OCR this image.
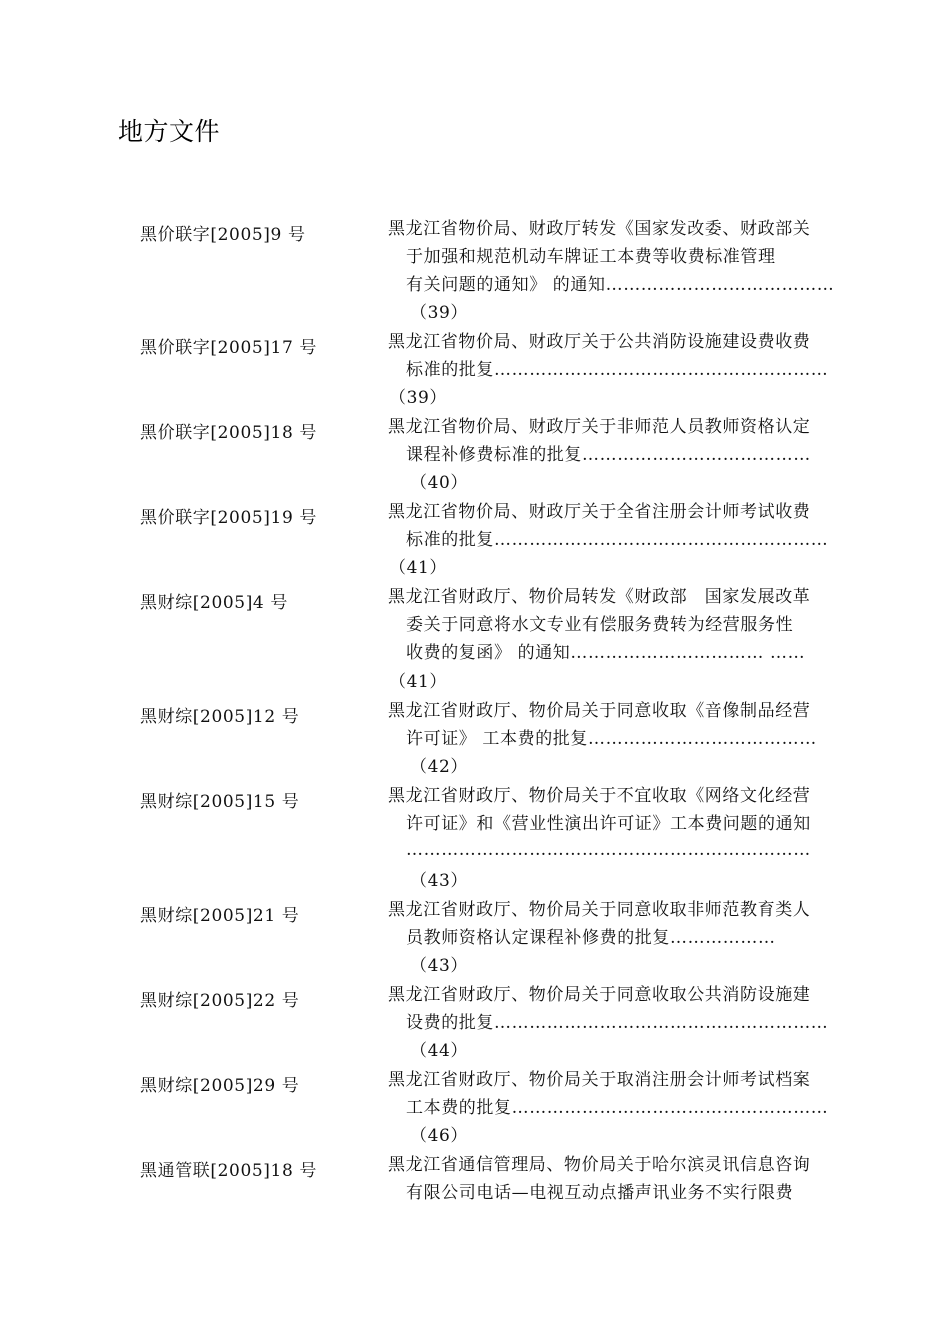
地方文件
黑价联字[2005]9 号	黑龙江省物价局、财政厅转发《国家发改委、财政部关
于加强和规范机动车牌证工本费等收费标准管理
有关问题的通知》 的通知…………………………………
（39）
黑价联字[2005]17 号	黑龙江省物价局、财政厅关于公共消防设施建设费收费
标准的批复…………………………………………………
（39）
黑价联字[2005]18 号	黑龙江省物价局、财政厅关于非师范人员教师资格认定
课程补修费标准的批复…………………………………
（40）
黑价联字[2005]19 号	黑龙江省物价局、财政厅关于全省注册会计师考试收费
标准的批复…………………………………………………
（41）
黑财综[2005]4 号	黑龙江省财政厅、物价局转发《财政部　国家发展改革
委关于同意将水文专业有偿服务费转为经营服务性
收费的复函》 的通知…………………………… ……
（41）
黑财综[2005]12 号	黑龙江省财政厅、物价局关于同意收取《音像制品经营
许可证》 工本费的批复…………………………………
（42）
黑财综[2005]15 号	黑龙江省财政厅、物价局关于不宜收取《网络文化经营
许可证》和《营业性演出许可证》工本费问题的通知
……………………………………………………………
（43）
黑财综[2005]21 号	黑龙江省财政厅、物价局关于同意收取非师范教育类人
员教师资格认定课程补修费的批复………………
（43）
黑财综[2005]22 号	黑龙江省财政厅、物价局关于同意收取公共消防设施建
设费的批复…………………………………………………
（44）
黑财综[2005]29 号	黑龙江省财政厅、物价局关于取消注册会计师考试档案
工本费的批复………………………………………………
（46）
黑通管联[2005]18 号	黑龙江省通信管理局、物价局关于哈尔滨灵讯信息咨询
有限公司电话—电视互动点播声讯业务不实行限费
